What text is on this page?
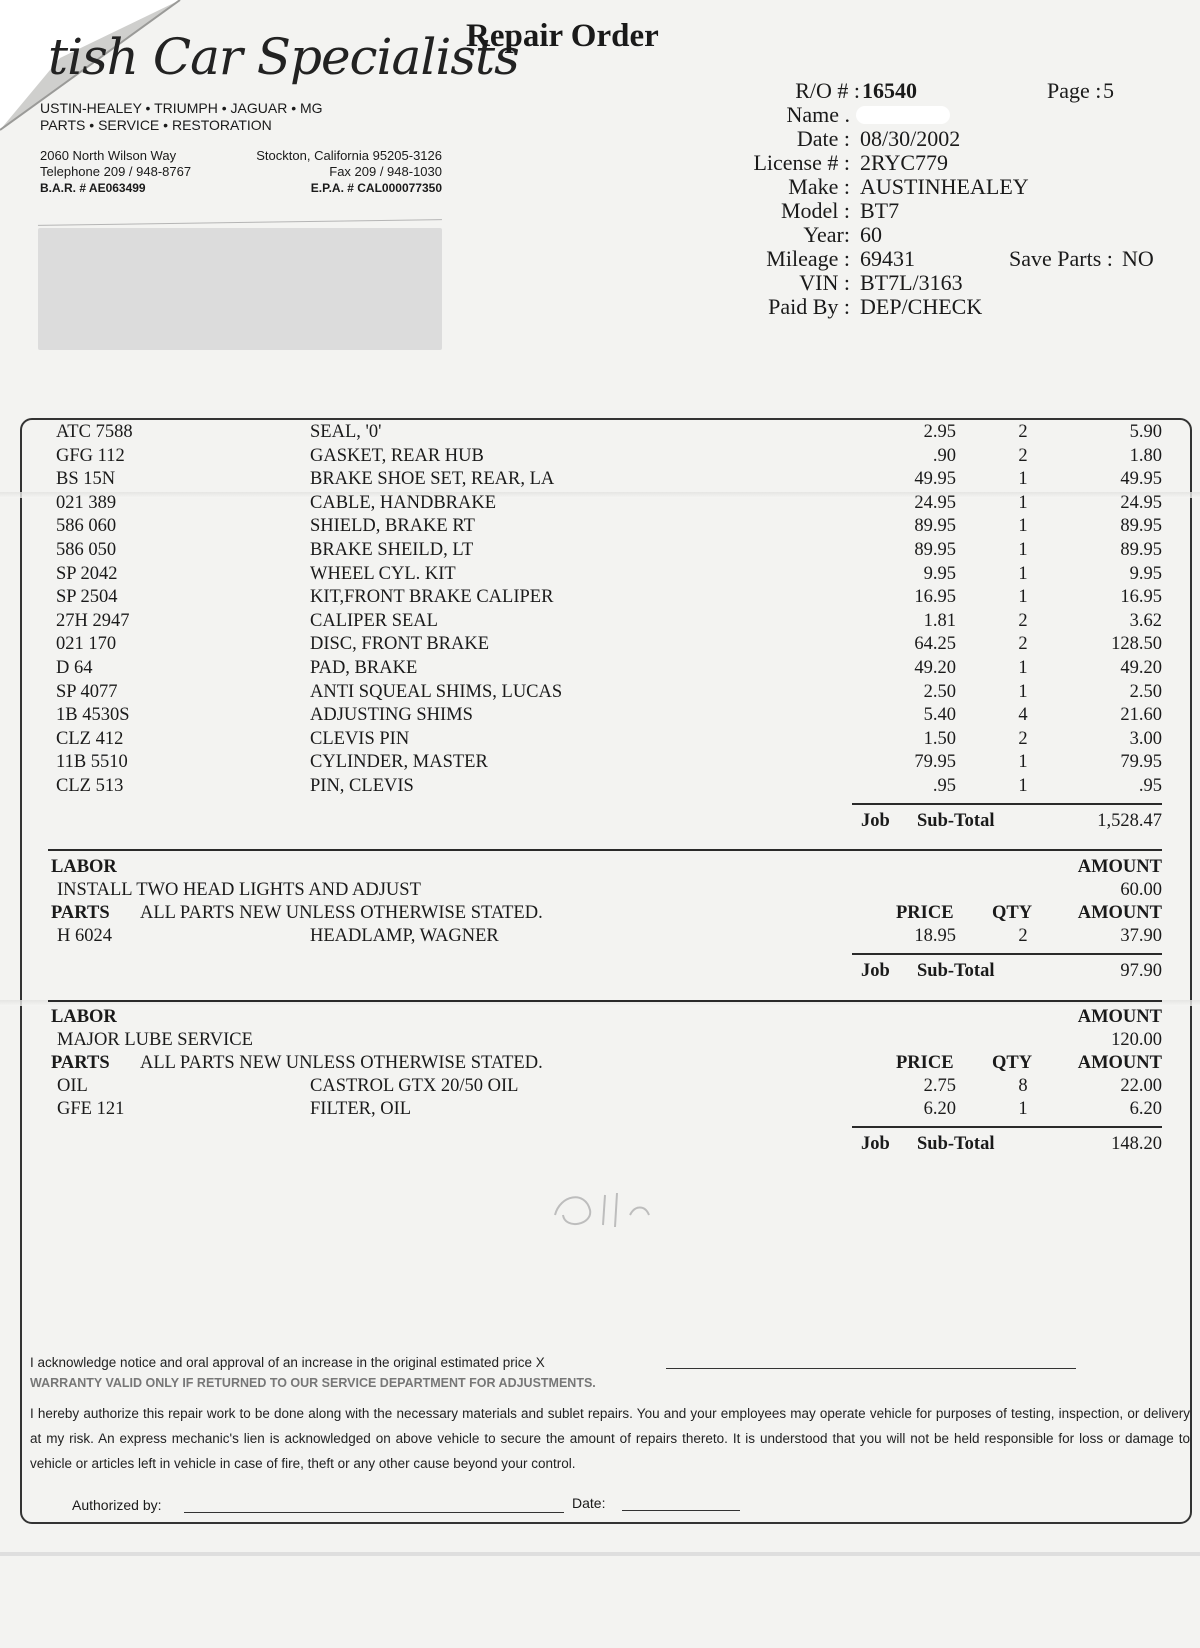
tish Car Specialists
USTIN-HEALEY • TRIUMPH • JAGUAR • MG
PARTS • SERVICE • RESTORATION
2060 North Wilson Way	Stockton, California 95205-3126
Telephone 209 / 948-8767	Fax 209 / 948-1030
B.A.R. # AE063499	E.P.A. # CAL000077350
Repair Order
R/O # : 16540	Page : 5
Name .
Date : 08/30/2002
License # : 2RYC779
Make : AUSTINHEALEY
Model : BT7
Year: 60
Mileage : 69431	Save Parts : NO
VIN : BT7L/3163
Paid By : DEP/CHECK
ATC 7588	SEAL, '0'	2.95	2	5.90
GFG 112	GASKET, REAR HUB	.90	2	1.80
BS 15N	BRAKE SHOE SET, REAR, LA	49.95	1	49.95
021 389	CABLE, HANDBRAKE	24.95	1	24.95
586 060	SHIELD, BRAKE RT	89.95	1	89.95
586 050	BRAKE SHEILD, LT	89.95	1	89.95
SP 2042	WHEEL CYL. KIT	9.95	1	9.95
SP 2504	KIT,FRONT BRAKE CALIPER	16.95	1	16.95
27H 2947	CALIPER SEAL	1.81	2	3.62
021 170	DISC, FRONT BRAKE	64.25	2	128.50
D 64	PAD, BRAKE	49.20	1	49.20
SP 4077	ANTI SQUEAL SHIMS, LUCAS	2.50	1	2.50
1B 4530S	ADJUSTING SHIMS	5.40	4	21.60
CLZ 412	CLEVIS PIN	1.50	2	3.00
11B 5510	CYLINDER, MASTER	79.95	1	79.95
CLZ 513	PIN, CLEVIS	.95	1	.95
Job Sub-Total	1,528.47
LABOR	AMOUNT
INSTALL TWO HEAD LIGHTS AND ADJUST	60.00
PARTS ALL PARTS NEW UNLESS OTHERWISE STATED.	PRICE QTY AMOUNT
H 6024	HEADLAMP, WAGNER	18.95	2	37.90
Job Sub-Total	97.90
LABOR	AMOUNT
MAJOR LUBE SERVICE	120.00
PARTS ALL PARTS NEW UNLESS OTHERWISE STATED.	PRICE QTY AMOUNT
OIL	CASTROL GTX 20/50 OIL	2.75	8	22.00
GFE 121	FILTER, OIL	6.20	1	6.20
Job Sub-Total	148.20
I acknowledge notice and oral approval of an increase in the original estimated price X
WARRANTY VALID ONLY IF RETURNED TO OUR SERVICE DEPARTMENT FOR ADJUSTMENTS.
I hereby authorize this repair work to be done along with the necessary materials and sublet repairs. You and your employees may operate vehicle for purposes of testing, inspection, or delivery at my risk. An express mechanic's lien is acknowledged on above vehicle to secure the amount of repairs thereto. It is understood that you will not be held responsible for loss or damage to vehicle or articles left in vehicle in case of fire, theft or any other cause beyond your control.
Authorized by:	Date:
